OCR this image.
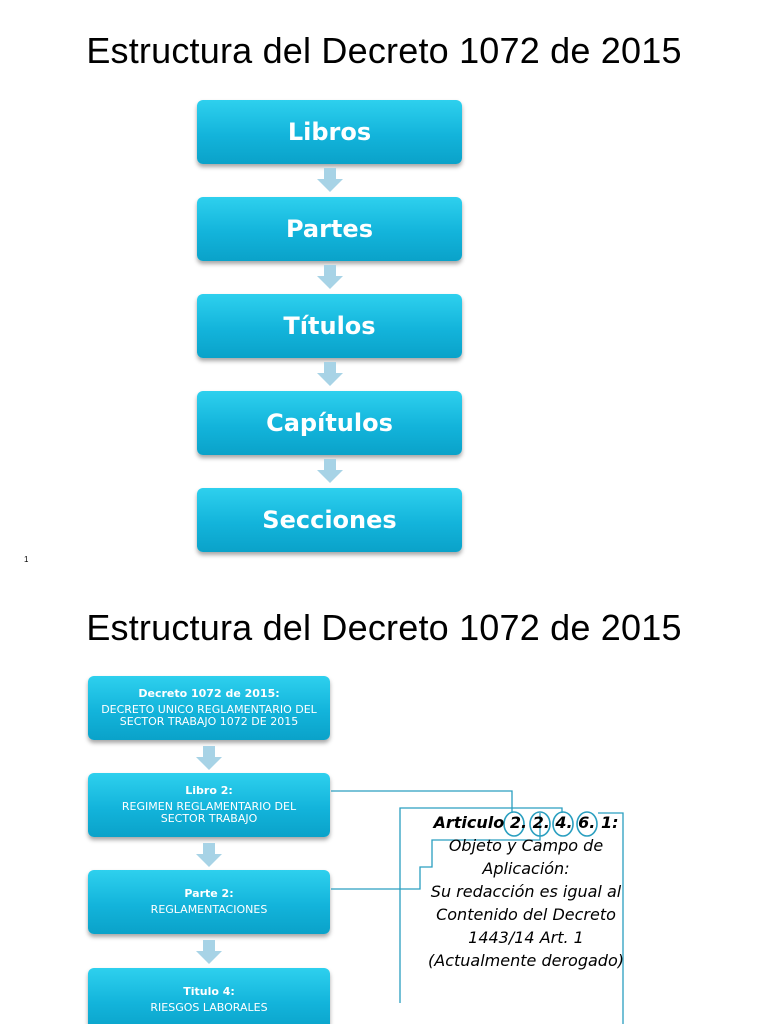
Estructura del Decreto 1072 de 2015
Libros
Partes
Títulos
Capítulos
Secciones
1
Estructura del Decreto 1072 de 2015
Decreto 1072 de 2015:
DECRETO UNICO REGLAMENTARIO DEL SECTOR TRABAJO 1072 DE 2015
Libro 2:
REGIMEN REGLAMENTARIO DEL SECTOR TRABAJO
Parte 2:
REGLAMENTACIONES
Titulo 4:
RIESGOS LABORALES
Articulo 2. 2. 4. 6. 1:
Objeto y Campo de
Aplicación:
Su redacción es igual al
Contenido del Decreto
1443/14 Art. 1
(Actualmente derogado)
